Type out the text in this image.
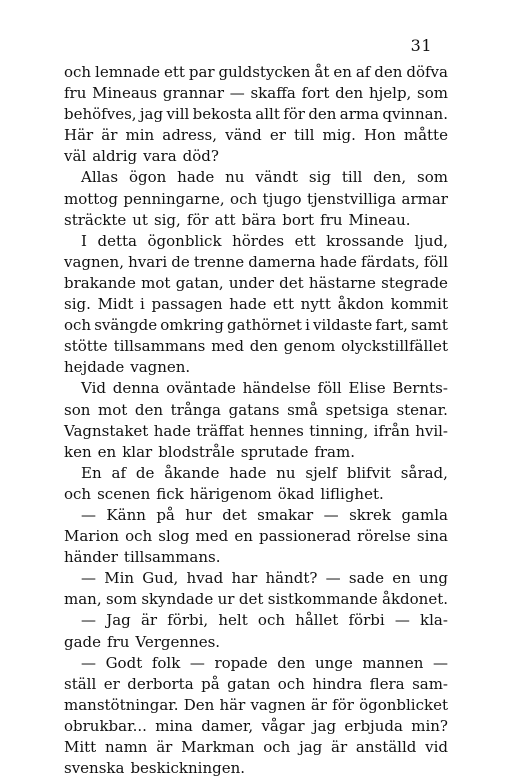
31
och lemnade ett par guldstycken åt en af den döfva
fru Mineaus grannar — skaffa fort den hjelp, som
behöfves, jag vill bekosta allt för den arma qvinnan.
Här är min adress, vänd er till mig. Hon måtte
väl aldrig vara död?
Allas ögon hade nu vändt sig till den, som
mottog penningarne, och tjugo tjenstvilliga armar
sträckte ut sig, för att bära bort fru Mineau.
I detta ögonblick hördes ett krossande ljud,
vagnen, hvari de trenne damerna hade färdats, föll
brakande mot gatan, under det hästarne stegrade
sig. Midt i passagen hade ett nytt åkdon kommit
och svängde omkring gathörnet i vildaste fart, samt
stötte tillsammans med den genom olyckstillfället
hejdade vagnen.
Vid denna oväntade händelse föll Elise Bernts-
son mot den trånga gatans små spetsiga stenar.
Vagnstaket hade träffat hennes tinning, ifrån hvil-
ken en klar blodstråle sprutade fram.
En af de åkande hade nu sjelf blifvit sårad,
och scenen fick härigenom ökad liflighet.
— Känn på hur det smakar — skrek gamla
Marion och slog med en passionerad rörelse sina
händer tillsammans.
— Min Gud, hvad har händt? — sade en ung
man, som skyndade ur det sistkommande åkdonet.
— Jag är förbi, helt och hållet förbi — kla-
gade fru Vergennes.
— Godt folk — ropade den unge mannen —
ställ er derborta på gatan och hindra flera sam-
manstötningar. Den här vagnen är för ögonblicket
obrukbar... mina damer, vågar jag erbjuda min?
Mitt namn är Markman och jag är anställd vid
svenska beskickningen.
